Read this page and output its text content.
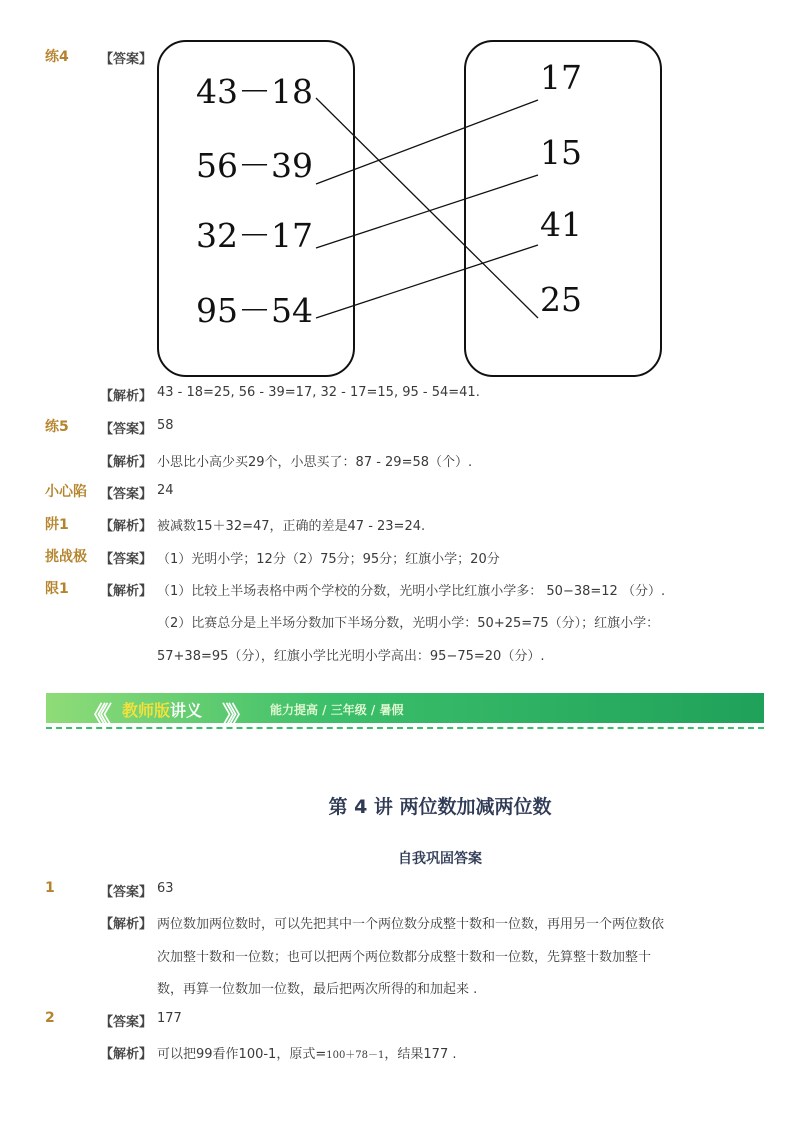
练4 【答案】
43－18
56－39
32－17
95－54
17
15
41
25
【解析】 43 - 18=25, 56 - 39=17, 32 - 17=15, 95 - 54=41.
练5 【答案】 58
【解析】 小思比小高少买29个，小思买了：87 - 29=58（个）.
小心陷 【答案】 24
阱1 【解析】 被减数15＋32=47，正确的差是47 - 23=24.
挑战极 【答案】 （1）光明小学；12分（2）75分；95分；红旗小学；20分
限1 【解析】 （1）比较上半场表格中两个学校的分数，光明小学比红旗小学多： 50−38=12 （分）.
（2）比赛总分是上半场分数加下半场分数，光明小学：50+25=75（分）；红旗小学：
57+38=95（分），红旗小学比光明小学高出：95−75=20（分）.
《《 教师版讲义 》》 能力提高 / 三年级 / 暑假
第 4 讲 两位数加减两位数
自我巩固答案
1	【答案】 63
【解析】 两位数加两位数时，可以先把其中一个两位数分成整十数和一位数，再用另一个两位数依
次加整十数和一位数；也可以把两个两位数都分成整十数和一位数，先算整十数加整十
数，再算一位数加一位数，最后把两次所得的和加起来 .
2	【答案】 177
【解析】 可以把99看作100-1，原式=100＋78－1，结果177 .
